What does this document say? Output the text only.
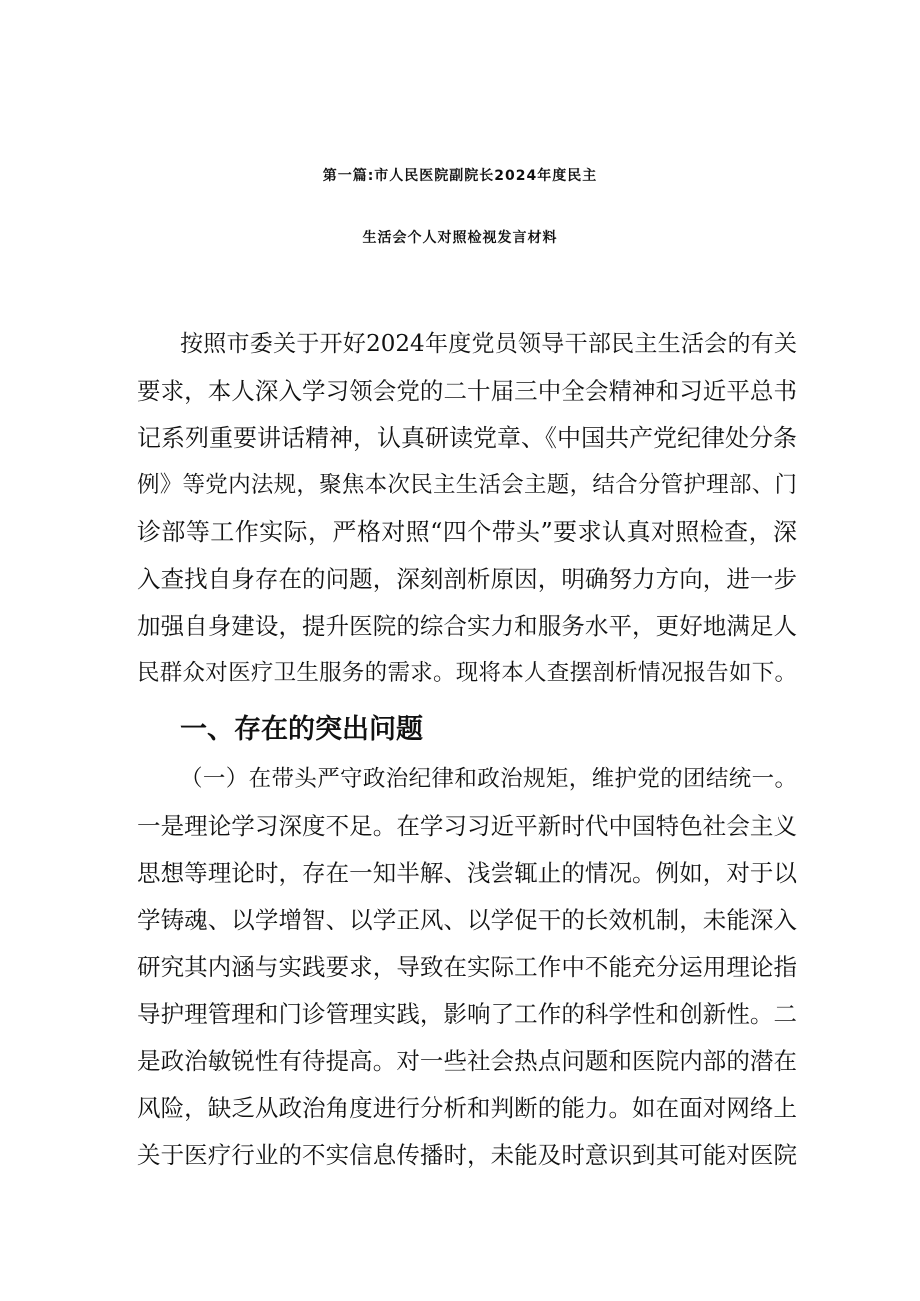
第一篇:市人民医院副院长2024年度民主
生活会个人对照检视发言材料

按照市委关于开好2024年度党员领导干部民主生活会的有关

要求，本人深入学习领会党的二十届三中全会精神和习近平总书

记系列重要讲话精神，认真研读党章、《中国共产党纪律处分条

例》等党内法规，聚焦本次民主生活会主题，结合分管护理部、门

诊部等工作实际，严格对照“四个带头”要求认真对照检查，深

入查找自身存在的问题，深刻剖析原因，明确努力方向，进一步

加强自身建设，提升医院的综合实力和服务水平，更好地满足人

民群众对医疗卫生服务的需求。现将本人查摆剖析情况报告如下。

一、存在的突出问题

（一）在带头严守政治纪律和政治规矩，维护党的团结统一。

一是理论学习深度不足。在学习习近平新时代中国特色社会主义

思想等理论时，存在一知半解、浅尝辄止的情况。例如，对于以

学铸魂、以学增智、以学正风、以学促干的长效机制，未能深入

研究其内涵与实践要求，导致在实际工作中不能充分运用理论指

导护理管理和门诊管理实践，影响了工作的科学性和创新性。二

是政治敏锐性有待提高。对一些社会热点问题和医院内部的潜在

风险，缺乏从政治角度进行分析和判断的能力。如在面对网络上

关于医疗行业的不实信息传播时，未能及时意识到其可能对医院
